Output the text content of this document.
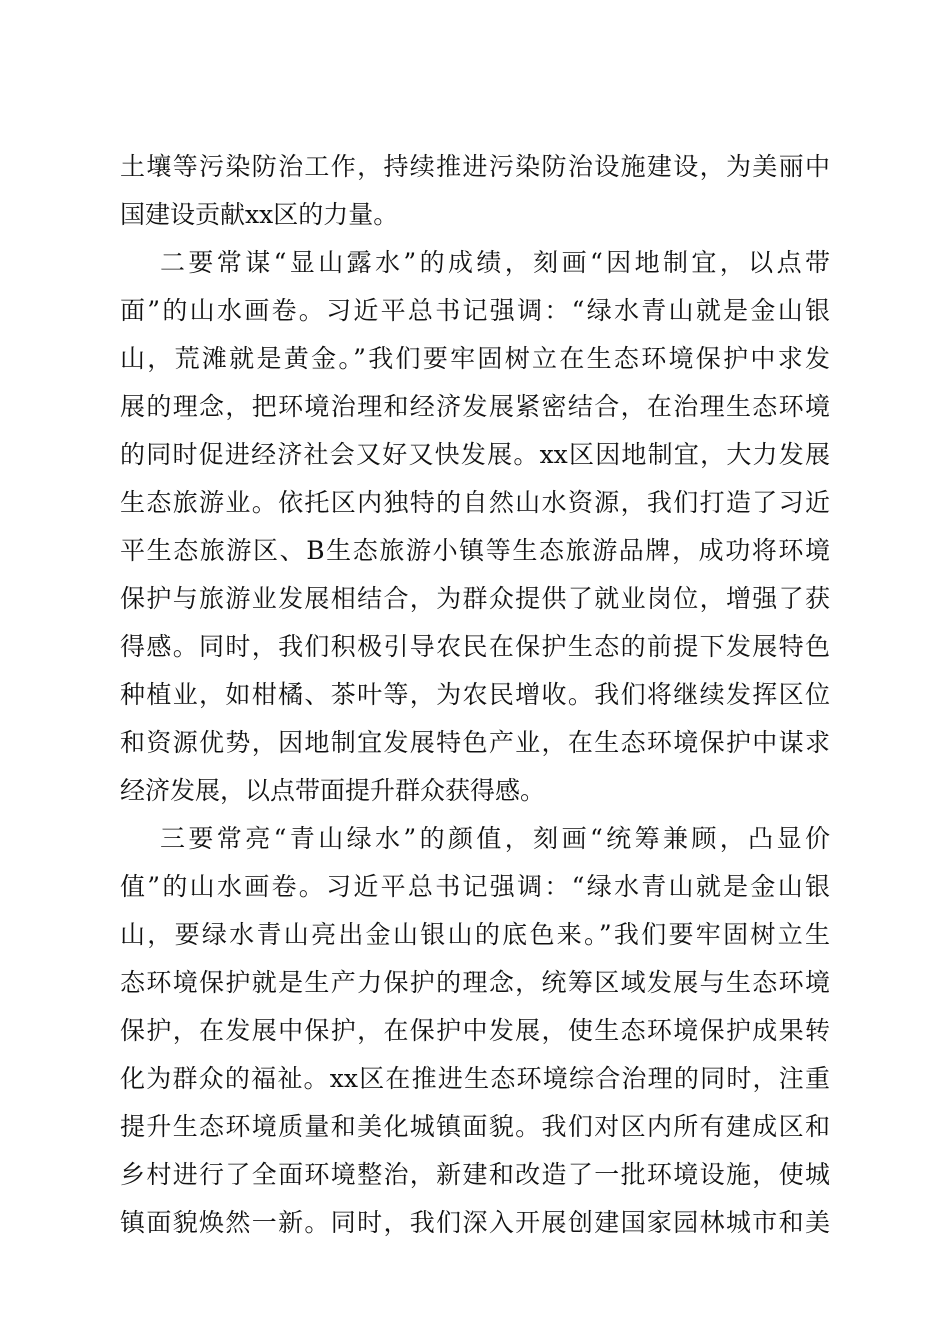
土壤等污染防治工作，持续推进污染防治设施建设，为美丽中
国建设贡献xx区的力量。
二要常谋“显山露水”的成绩，刻画“因地制宜，以点带
面”的山水画卷。习近平总书记强调：“绿水青山就是金山银
山，荒滩就是黄金。”我们要牢固树立在生态环境保护中求发
展的理念，把环境治理和经济发展紧密结合，在治理生态环境
的同时促进经济社会又好又快发展。xx区因地制宜，大力发展
生态旅游业。依托区内独特的自然山水资源，我们打造了习近
平生态旅游区、B生态旅游小镇等生态旅游品牌，成功将环境
保护与旅游业发展相结合，为群众提供了就业岗位，增强了获
得感。同时，我们积极引导农民在保护生态的前提下发展特色
种植业，如柑橘、茶叶等，为农民增收。我们将继续发挥区位
和资源优势，因地制宜发展特色产业，在生态环境保护中谋求
经济发展，以点带面提升群众获得感。
三要常亮“青山绿水”的颜值，刻画“统筹兼顾，凸显价
值”的山水画卷。习近平总书记强调：“绿水青山就是金山银
山，要绿水青山亮出金山银山的底色来。”我们要牢固树立生
态环境保护就是生产力保护的理念，统筹区域发展与生态环境
保护，在发展中保护，在保护中发展，使生态环境保护成果转
化为群众的福祉。xx区在推进生态环境综合治理的同时，注重
提升生态环境质量和美化城镇面貌。我们对区内所有建成区和
乡村进行了全面环境整治，新建和改造了一批环境设施，使城
镇面貌焕然一新。同时，我们深入开展创建国家园林城市和美
